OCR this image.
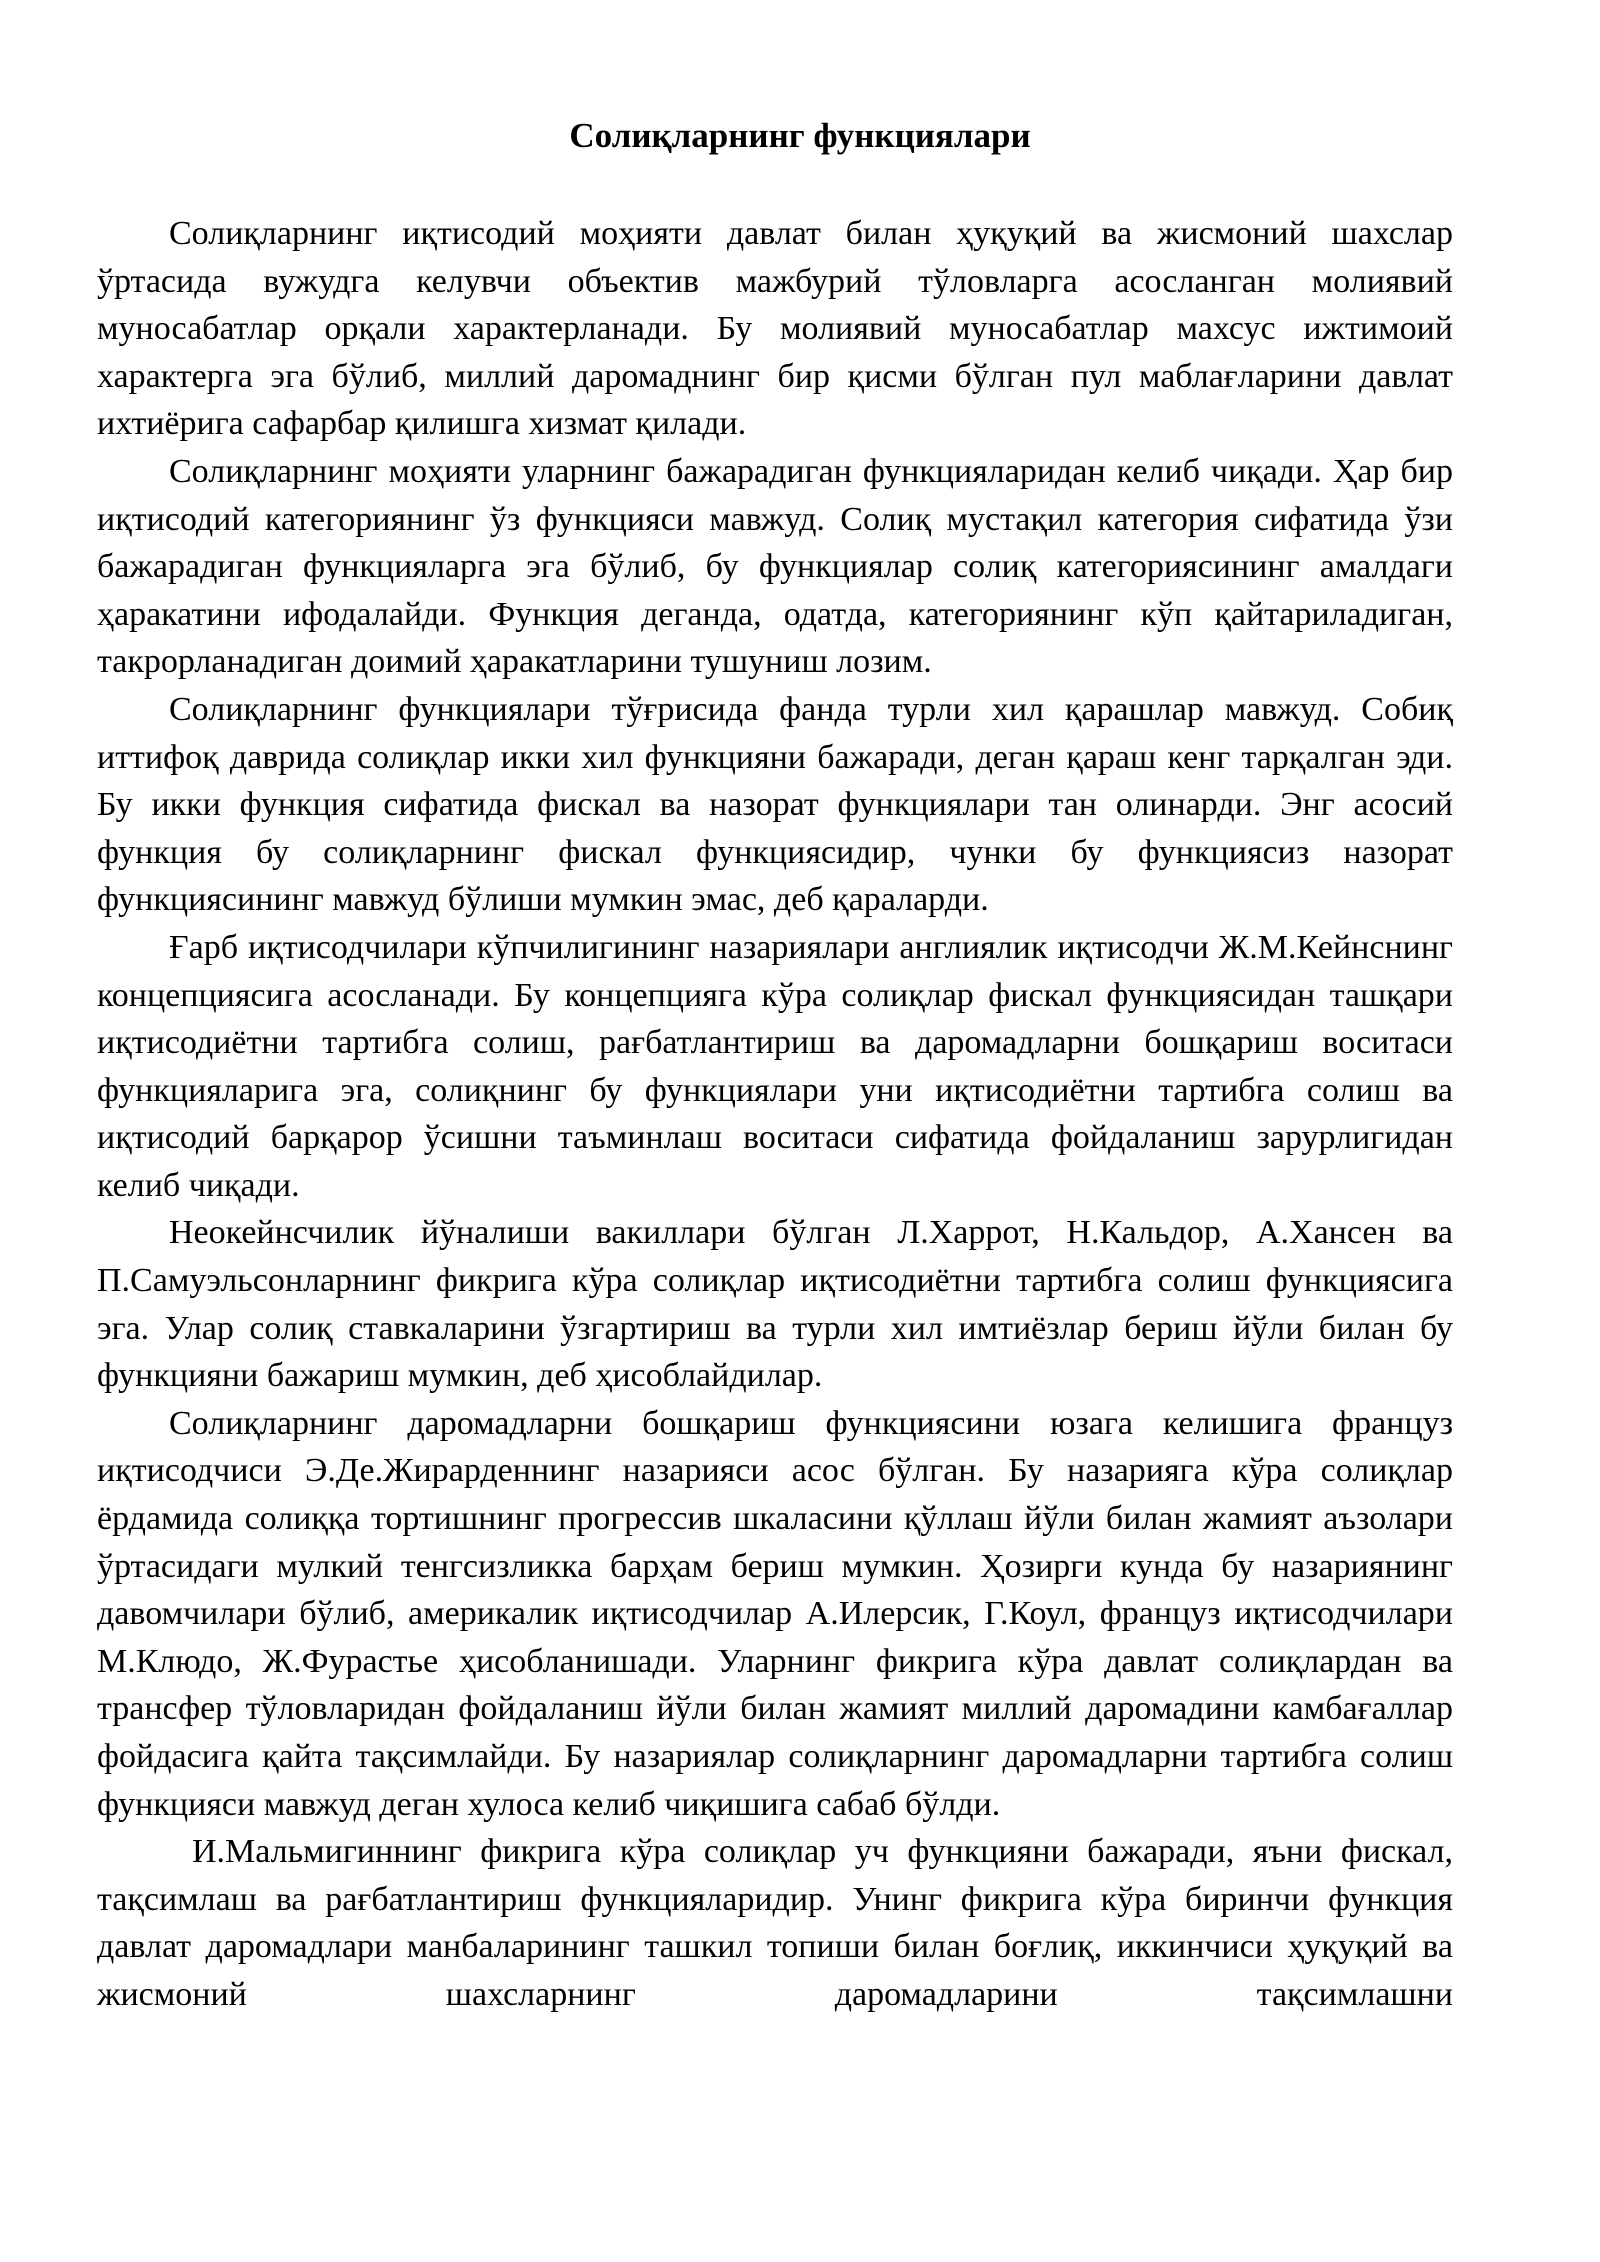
Солиқларнинг функциялари

Солиқларнинг иқтисодий моҳияти давлат билан ҳуқуқий ва жисмоний шахслар ўртасида вужудга келувчи объектив мажбурий тўловларга асосланган молиявий муносабатлар орқали характерланади. Бу молиявий муносабатлар махсус ижтимоий характерга эга бўлиб, миллий даромаднинг бир қисми бўлган пул маблағларини давлат ихтиёрига сафарбар қилишга хизмат қилади.

Солиқларнинг моҳияти уларнинг бажарадиган функцияларидан келиб чиқади. Ҳар бир иқтисодий категориянинг ўз функцияси мавжуд. Солиқ мустақил категория сифатида ўзи бажарадиган функцияларга эга бўлиб, бу функциялар солиқ категориясининг амалдаги ҳаракатини ифодалайди. Функция деганда, одатда, категориянинг кўп қайтариладиган, такрорланадиган доимий ҳаракатларини тушуниш лозим.

Солиқларнинг функциялари тўғрисида фанда турли хил қарашлар мавжуд. Собиқ иттифоқ даврида солиқлар икки хил функцияни бажаради, деган қараш кенг тарқалган эди. Бу икки функция сифатида фискал ва назорат функциялари тан олинарди. Энг асосий функция бу солиқларнинг фискал функциясидир, чунки бу функциясиз назорат функциясининг мавжуд бўлиши мумкин эмас, деб қараларди.

Ғарб иқтисодчилари кўпчилигининг назариялари англиялик иқтисодчи Ж.М.Кейнснинг концепциясига асосланади. Бу концепцияга кўра солиқлар фискал функциясидан ташқари иқтисодиётни тартибга солиш, рағбатлантириш ва даромадларни бошқариш воситаси функцияларига эга, солиқнинг бу функциялари уни иқтисодиётни тартибга солиш ва иқтисодий барқарор ўсишни таъминлаш воситаси сифатида фойдаланиш зарурлигидан келиб чиқади.

Неокейнсчилик йўналиши вакиллари бўлган Л.Харрот, Н.Кальдор, А.Хансен ва П.Самуэльсонларнинг фикрига кўра солиқлар иқтисодиётни тартибга солиш функциясига эга. Улар солиқ ставкаларини ўзгартириш ва турли хил имтиёзлар бериш йўли билан бу функцияни бажариш мумкин, деб ҳисоблайдилар.

Солиқларнинг даромадларни бошқариш функциясини юзага келишига француз иқтисодчиси Э.Де.Жирарденнинг назарияси асос бўлган. Бу назарияга кўра солиқлар ёрдамида солиққа тортишнинг прогрессив шкаласини қўллаш йўли билан жамият аъзолари ўртасидаги мулкий тенгсизликка барҳам бериш мумкин. Ҳозирги кунда бу назариянинг давомчилари бўлиб, америкалик иқтисодчилар А.Илерсик, Г.Коул, француз иқтисодчилари М.Клюдо, Ж.Фурастье ҳисобланишади. Уларнинг фикрига кўра давлат солиқлардан ва трансфер тўловларидан фойдаланиш йўли билан жамият миллий даромадини камбағаллар фойдасига қайта тақсимлайди. Бу назариялар солиқларнинг даромадларни тартибга солиш функцияси мавжуд деган хулоса келиб чиқишига сабаб бўлди.

И.Мальмигиннинг фикрига кўра солиқлар уч функцияни бажаради, яъни фискал, тақсимлаш ва рағбатлантириш функцияларидир. Унинг фикрига кўра биринчи функция давлат даромадлари манбаларининг ташкил топиши билан боғлиқ, иккинчиси ҳуқуқий ва жисмоний шахсларнинг даромадларини тақсимлашни
